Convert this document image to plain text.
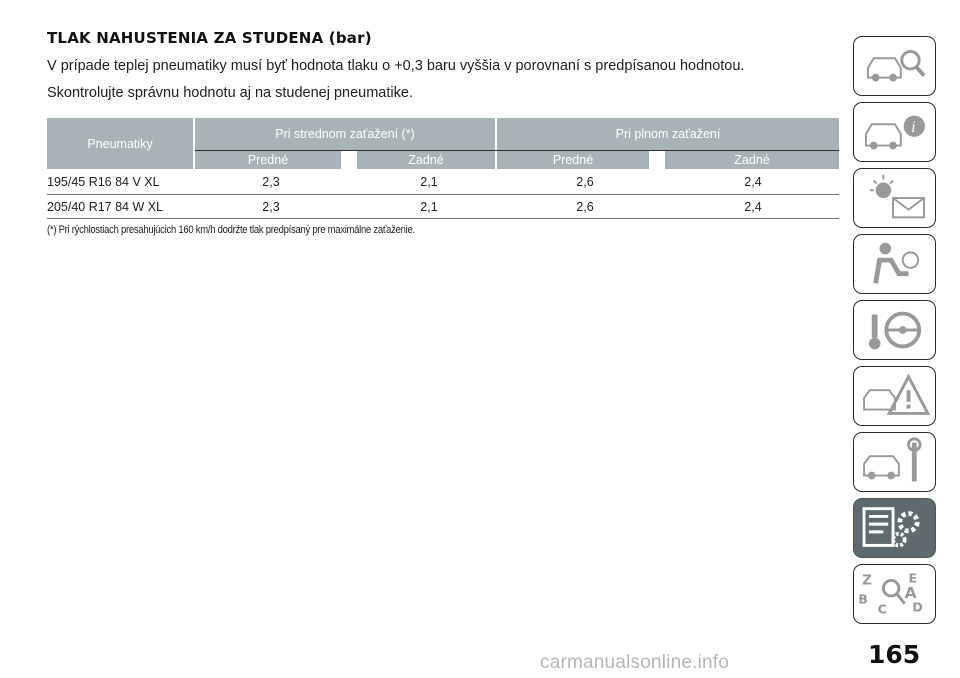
TLAK NAHUSTENIA ZA STUDENA (bar)

V prípade teplej pneumatiky musí byť hodnota tlaku o +0,3 baru vyššia v porovnaní s predpísanou hodnotou.

Skontrolujte správnu hodnotu aj na studenej pneumatike.

Pneumatiky
Pri strednom zaťažení (*)	Pri plnom zaťažení
Predné	Zadné	Predné	Zadné
195/45 R16 84 V XL	2,3	2,1	2,6	2,4
205/40 R17 84 W XL	2,3	2,1	2,6	2,4

(*) Pri rýchlostiach presahujúcich 160 km/h dodržte tlak predpísaný pre maximálne zaťaženie.

i
Z	E
B A
D
C

165

carmanualsonline.info
